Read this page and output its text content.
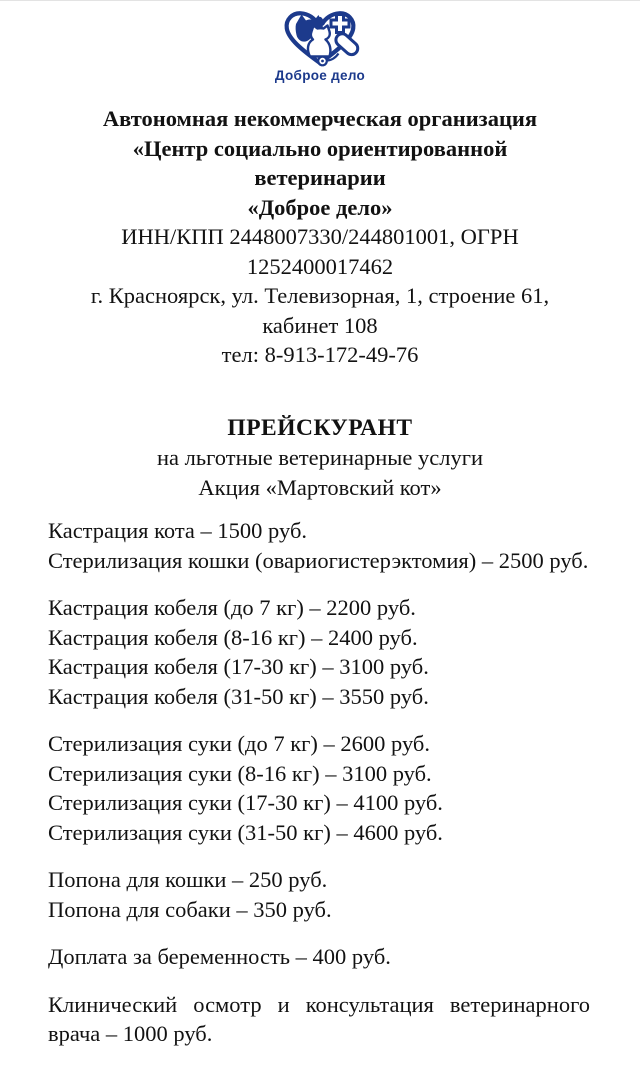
Доброе дело
Автономная некоммерческая организация
«Центр социально ориентированной
ветеринарии
«Доброе дело»
ИНН/КПП 2448007330/244801001, ОГРН
1252400017462
г. Красноярск, ул. Телевизорная, 1, строение 61,
кабинет 108
тел: 8-913-172-49-76
ПРЕЙСКУРАНТ
на льготные ветеринарные услуги
Акция «Мартовский кот»
Кастрация кота – 1500 руб.
Стерилизация кошки (овариогистерэктомия) – 2500 руб.
Кастрация кобеля (до 7 кг) – 2200 руб.
Кастрация кобеля (8-16 кг) – 2400 руб.
Кастрация кобеля (17-30 кг) – 3100 руб.
Кастрация кобеля (31-50 кг) – 3550 руб.
Стерилизация суки (до 7 кг) – 2600 руб.
Стерилизация суки (8-16 кг) – 3100 руб.
Стерилизация суки (17-30 кг) – 4100 руб.
Стерилизация суки (31-50 кг) – 4600 руб.
Попона для кошки – 250 руб.
Попона для собаки – 350 руб.
Доплата за беременность – 400 руб.
Клинический осмотр и консультация ветеринарного врача – 1000 руб.
